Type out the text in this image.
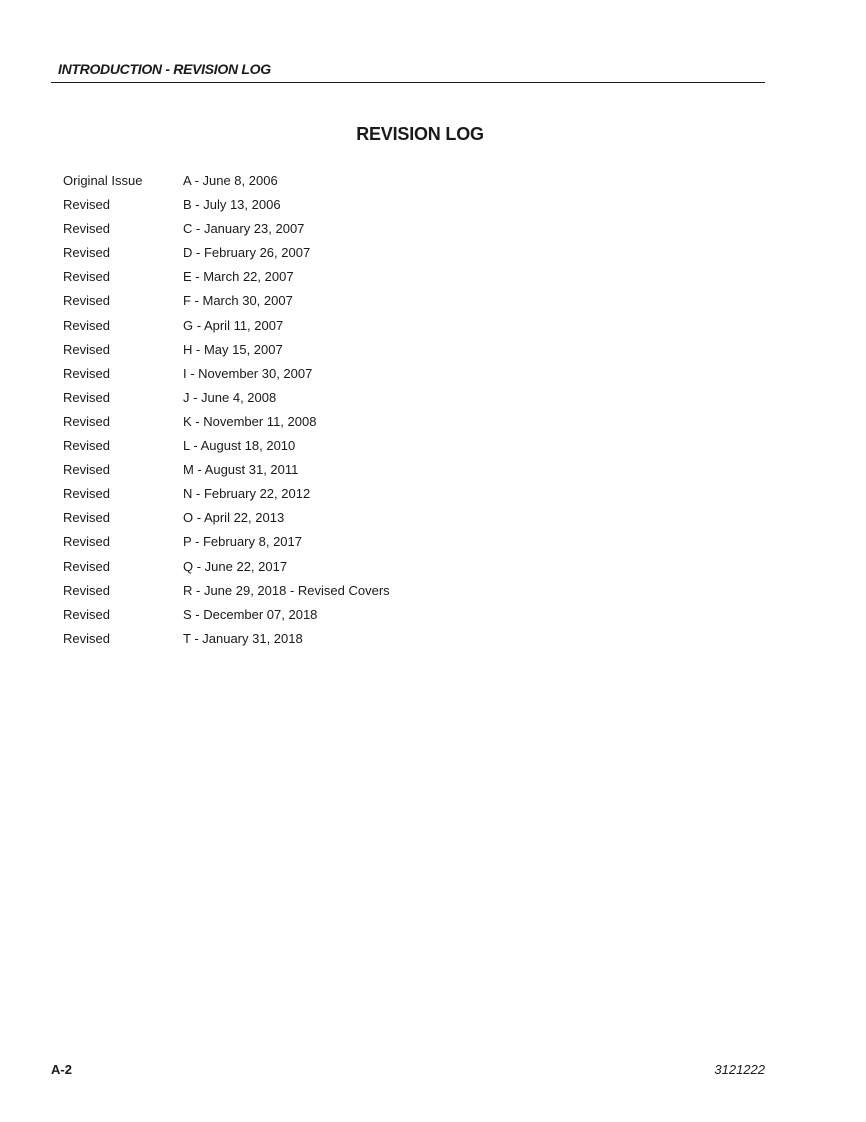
INTRODUCTION - REVISION LOG
REVISION LOG
Original Issue	A - June 8, 2006
Revised	B - July 13, 2006
Revised	C - January 23, 2007
Revised	D - February 26, 2007
Revised	E - March 22, 2007
Revised	F - March 30, 2007
Revised	G - April 11, 2007
Revised	H - May 15, 2007
Revised	I - November 30, 2007
Revised	J - June 4, 2008
Revised	K - November 11, 2008
Revised	L - August 18, 2010
Revised	M - August 31, 2011
Revised	N - February 22, 2012
Revised	O - April 22, 2013
Revised	P - February 8, 2017
Revised	Q - June 22, 2017
Revised	R - June 29, 2018 - Revised Covers
Revised	S - December 07, 2018
Revised	T - January 31, 2018
A-2	3121222
